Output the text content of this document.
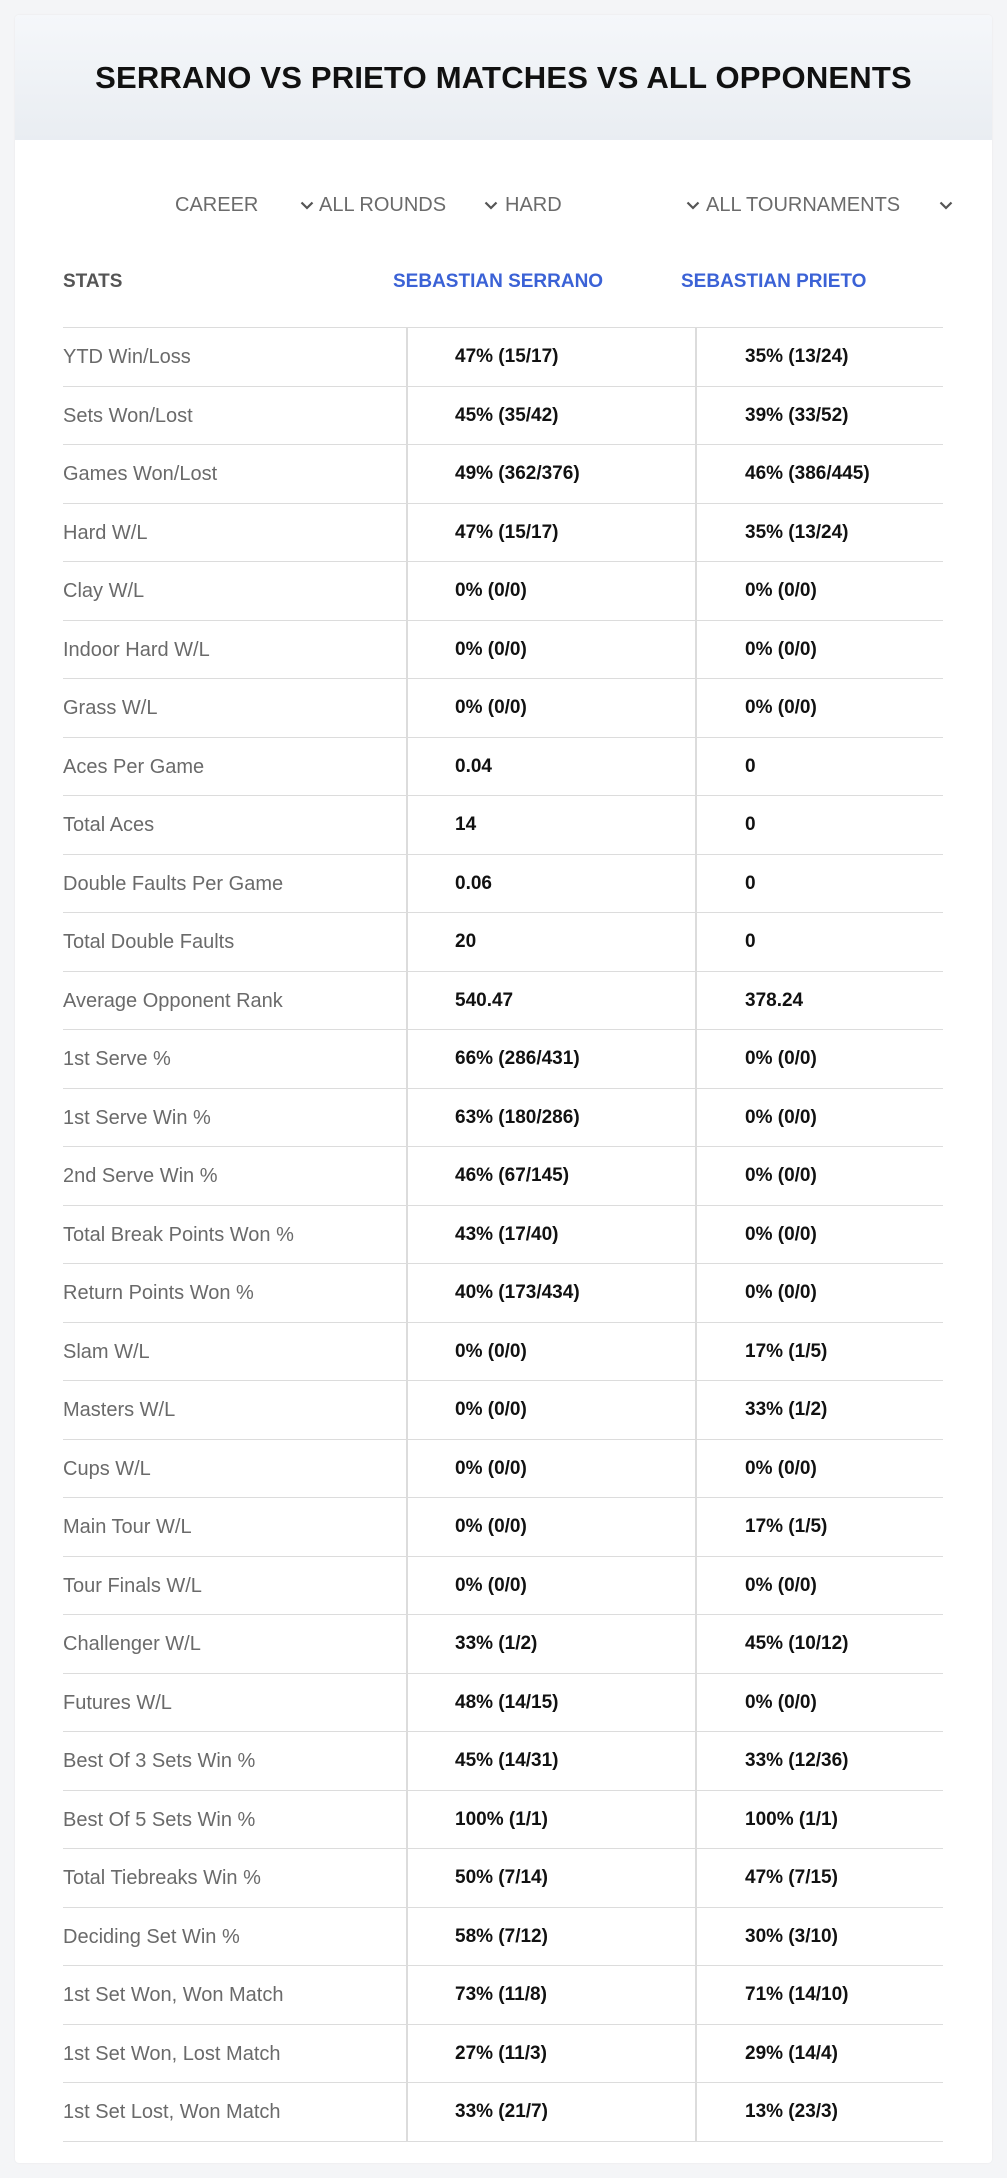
SERRANO VS PRIETO MATCHES VS ALL OPPONENTS
CAREER	ALL ROUNDS	HARD	ALL TOURNAMENTS
STATS	SEBASTIAN SERRANO	SEBASTIAN PRIETO
YTD Win/Loss	47% (15/17)	35% (13/24)
Sets Won/Lost	45% (35/42)	39% (33/52)
Games Won/Lost	49% (362/376)	46% (386/445)
Hard W/L	47% (15/17)	35% (13/24)
Clay W/L	0% (0/0)	0% (0/0)
Indoor Hard W/L	0% (0/0)	0% (0/0)
Grass W/L	0% (0/0)	0% (0/0)
Aces Per Game	0.04	0
Total Aces	14	0
Double Faults Per Game	0.06	0
Total Double Faults	20	0
Average Opponent Rank	540.47	378.24
1st Serve %	66% (286/431)	0% (0/0)
1st Serve Win %	63% (180/286)	0% (0/0)
2nd Serve Win %	46% (67/145)	0% (0/0)
Total Break Points Won %	43% (17/40)	0% (0/0)
Return Points Won %	40% (173/434)	0% (0/0)
Slam W/L	0% (0/0)	17% (1/5)
Masters W/L	0% (0/0)	33% (1/2)
Cups W/L	0% (0/0)	0% (0/0)
Main Tour W/L	0% (0/0)	17% (1/5)
Tour Finals W/L	0% (0/0)	0% (0/0)
Challenger W/L	33% (1/2)	45% (10/12)
Futures W/L	48% (14/15)	0% (0/0)
Best Of 3 Sets Win %	45% (14/31)	33% (12/36)
Best Of 5 Sets Win %	100% (1/1)	100% (1/1)
Total Tiebreaks Win %	50% (7/14)	47% (7/15)
Deciding Set Win %	58% (7/12)	30% (3/10)
1st Set Won, Won Match	73% (11/8)	71% (14/10)
1st Set Won, Lost Match	27% (11/3)	29% (14/4)
1st Set Lost, Won Match	33% (21/7)	13% (23/3)
